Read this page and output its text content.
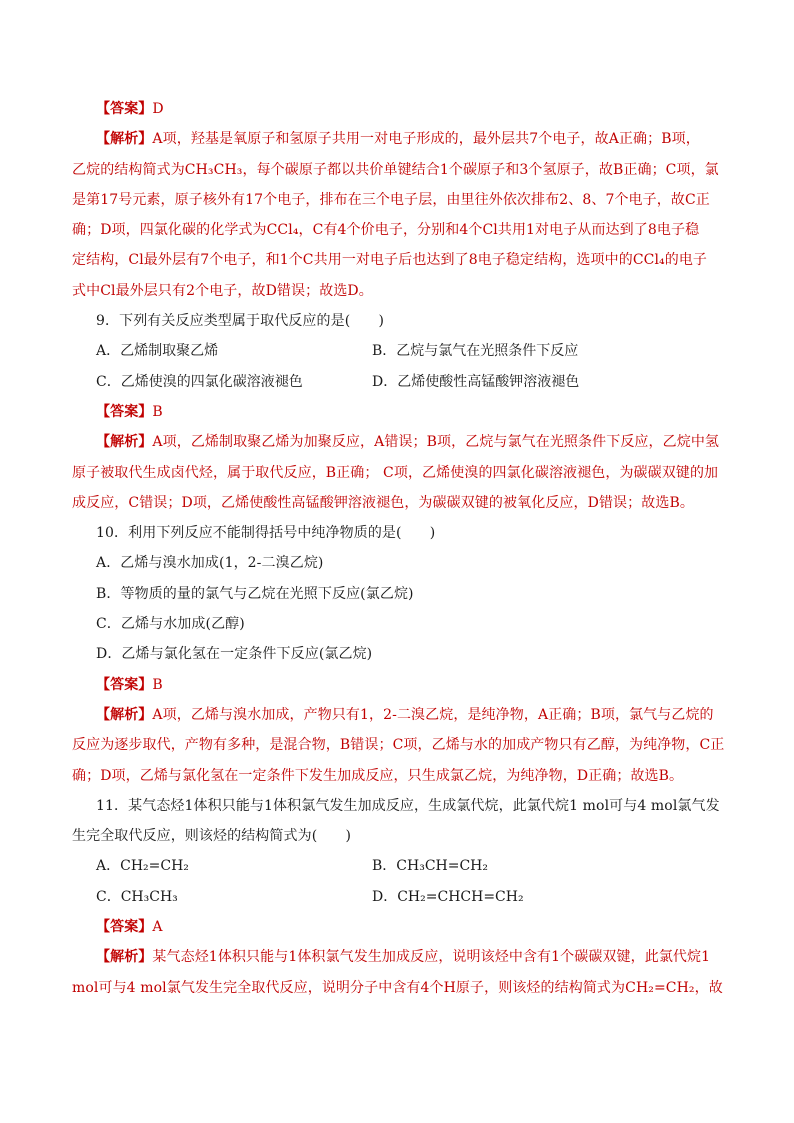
【答案】D
【解析】A项，羟基是氧原子和氢原子共用一对电子形成的，最外层共7个电子，故A正确；B项，
乙烷的结构简式为CH₃CH₃，每个碳原子都以共价单键结合1个碳原子和3个氢原子，故B正确；C项，氯
是第17号元素，原子核外有17个电子，排布在三个电子层，由里往外依次排布2、8、7个电子，故C正
确；D项，四氯化碳的化学式为CCl₄，C有4个价电子，分别和4个Cl共用1对电子从而达到了8电子稳
定结构，Cl最外层有7个电子，和1个C共用一对电子后也达到了8电子稳定结构，选项中的CCl₄的电子
式中Cl最外层只有2个电子，故D错误；故选D。
9．下列有关反应类型属于取代反应的是(　　)
A．乙烯制取聚乙烯	B．乙烷与氯气在光照条件下反应
C．乙烯使溴的四氯化碳溶液褪色	D．乙烯使酸性高锰酸钾溶液褪色
【答案】B
【解析】A项，乙烯制取聚乙烯为加聚反应，A错误；B项，乙烷与氯气在光照条件下反应，乙烷中氢
原子被取代生成卤代烃，属于取代反应，B正确； C项，乙烯使溴的四氯化碳溶液褪色，为碳碳双键的加
成反应，C错误；D项，乙烯使酸性高锰酸钾溶液褪色，为碳碳双键的被氧化反应，D错误；故选B。
10．利用下列反应不能制得括号中纯净物质的是(　　)
A．乙烯与溴水加成(1，2-二溴乙烷)
B．等物质的量的氯气与乙烷在光照下反应(氯乙烷)
C．乙烯与水加成(乙醇)
D．乙烯与氯化氢在一定条件下反应(氯乙烷)
【答案】B
【解析】A项，乙烯与溴水加成，产物只有1，2-二溴乙烷，是纯净物，A正确；B项，氯气与乙烷的
反应为逐步取代，产物有多种，是混合物，B错误；C项，乙烯与水的加成产物只有乙醇，为纯净物，C正
确；D项，乙烯与氯化氢在一定条件下发生加成反应，只生成氯乙烷，为纯净物，D正确；故选B。
11．某气态烃1体积只能与1体积氯气发生加成反应，生成氯代烷，此氯代烷1 mol可与4 mol氯气发
生完全取代反应，则该烃的结构简式为(　　)
A．CH₂=CH₂	B．CH₃CH=CH₂
C．CH₃CH₃	D．CH₂=CHCH=CH₂
【答案】A
【解析】某气态烃1体积只能与1体积氯气发生加成反应，说明该烃中含有1个碳碳双键，此氯代烷1
mol可与4 mol氯气发生完全取代反应，说明分子中含有4个H原子，则该烃的结构简式为CH₂=CH₂，故
